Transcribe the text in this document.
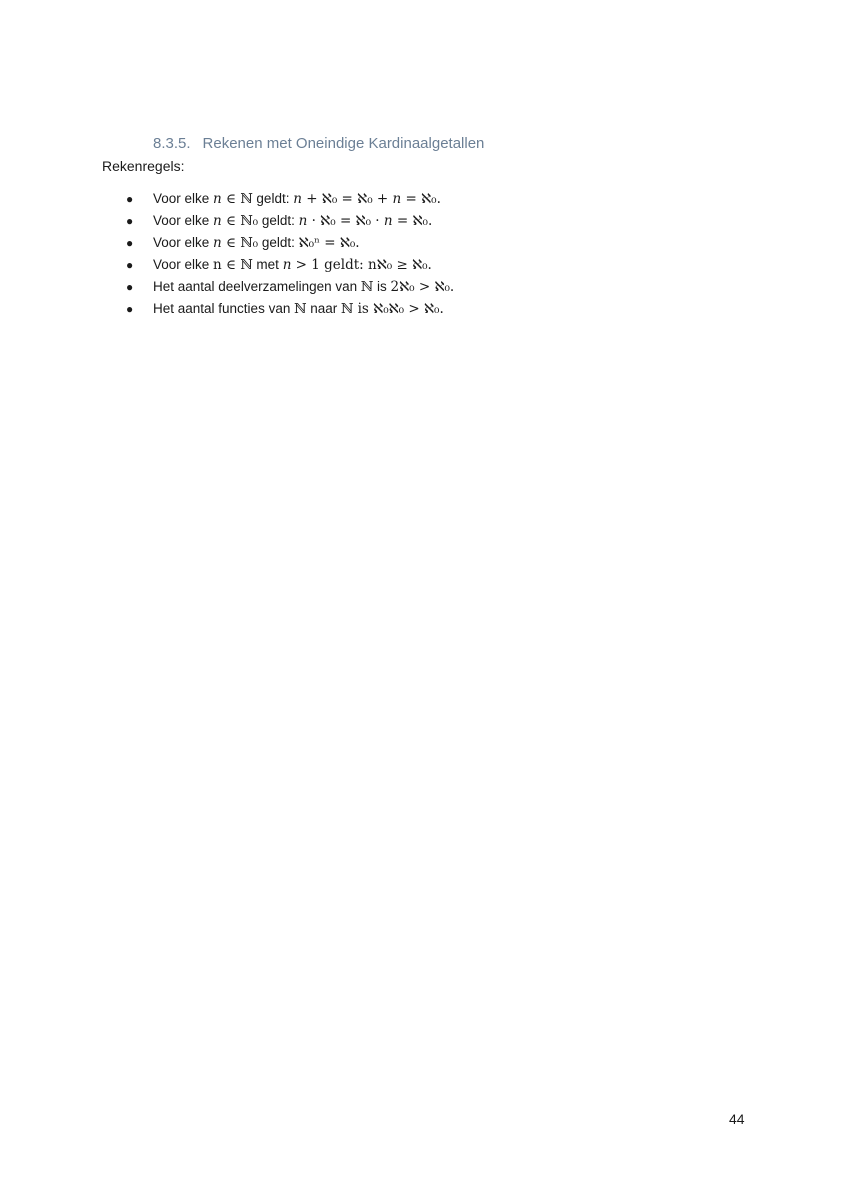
8.3.5. Rekenen met Oneindige Kardinaalgetallen
Rekenregels:
● Voor elke 𝑛 ∈ ℕ geldt: 𝑛 + ℵ₀ = ℵ₀ + 𝑛 = ℵ₀.
● Voor elke 𝑛 ∈ ℕ₀ geldt: 𝑛 · ℵ₀ = ℵ₀ · 𝑛 = ℵ₀.
● Voor elke 𝑛 ∈ ℕ₀ geldt: ℵ₀ⁿ = ℵ₀.
● Voor elke n ∈ ℕ met 𝑛 > 1 geldt: nℵ₀ ≥ ℵ₀.
● Het aantal deelverzamelingen van ℕ is 2ℵ₀ > ℵ₀.
● Het aantal functies van ℕ naar ℕ is ℵ₀ℵ₀ > ℵ₀.
44
